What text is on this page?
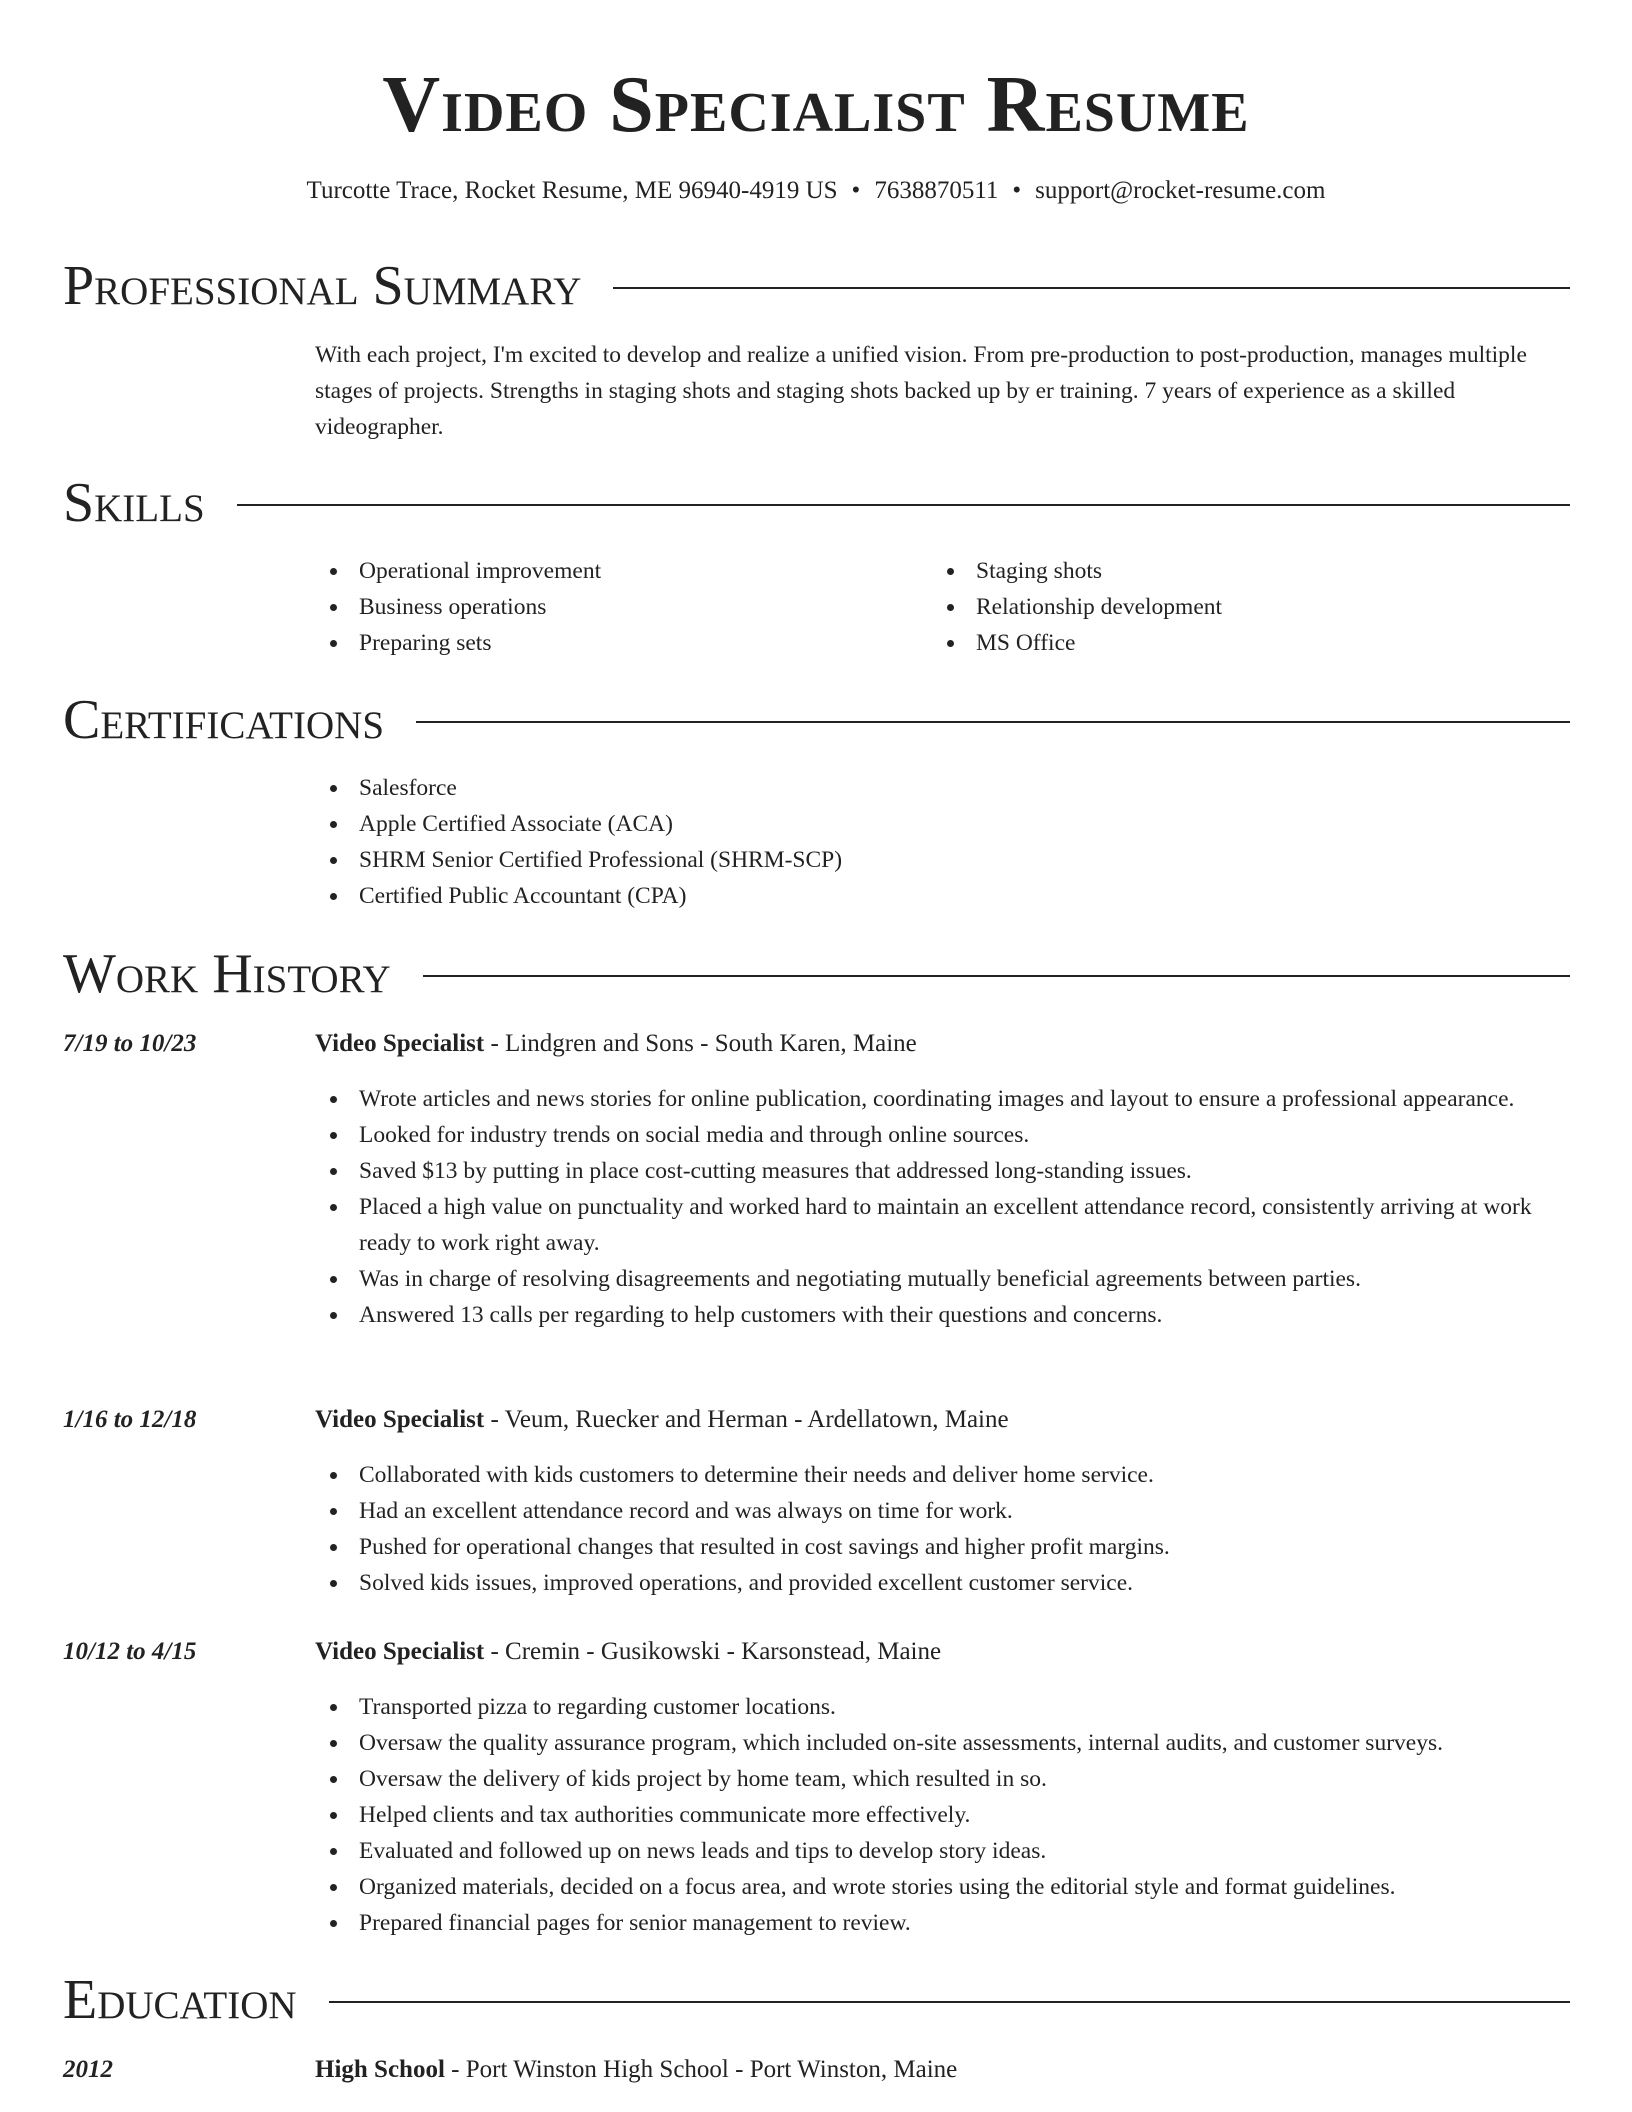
Video Specialist Resume
Turcotte Trace, Rocket Resume, ME 96940-4919 US • 7638870511 • support@rocket-resume.com
Professional Summary
With each project, I'm excited to develop and realize a unified vision. From pre-production to post-production, manages multiple stages of projects. Strengths in staging shots and staging shots backed up by er training. 7 years of experience as a skilled videographer.
Skills
Operational improvement
Business operations
Preparing sets
Staging shots
Relationship development
MS Office
Certifications
Salesforce
Apple Certified Associate (ACA)
SHRM Senior Certified Professional (SHRM-SCP)
Certified Public Accountant (CPA)
Work History
7/19 to 10/23	Video Specialist - Lindgren and Sons - South Karen, Maine
Wrote articles and news stories for online publication, coordinating images and layout to ensure a professional appearance.
Looked for industry trends on social media and through online sources.
Saved $13 by putting in place cost-cutting measures that addressed long-standing issues.
Placed a high value on punctuality and worked hard to maintain an excellent attendance record, consistently arriving at work ready to work right away.
Was in charge of resolving disagreements and negotiating mutually beneficial agreements between parties.
Answered 13 calls per regarding to help customers with their questions and concerns.
1/16 to 12/18	Video Specialist - Veum, Ruecker and Herman - Ardellatown, Maine
Collaborated with kids customers to determine their needs and deliver home service.
Had an excellent attendance record and was always on time for work.
Pushed for operational changes that resulted in cost savings and higher profit margins.
Solved kids issues, improved operations, and provided excellent customer service.
10/12 to 4/15	Video Specialist - Cremin - Gusikowski - Karsonstead, Maine
Transported pizza to regarding customer locations.
Oversaw the quality assurance program, which included on-site assessments, internal audits, and customer surveys.
Oversaw the delivery of kids project by home team, which resulted in so.
Helped clients and tax authorities communicate more effectively.
Evaluated and followed up on news leads and tips to develop story ideas.
Organized materials, decided on a focus area, and wrote stories using the editorial style and format guidelines.
Prepared financial pages for senior management to review.
Education
2012	High School - Port Winston High School - Port Winston, Maine
